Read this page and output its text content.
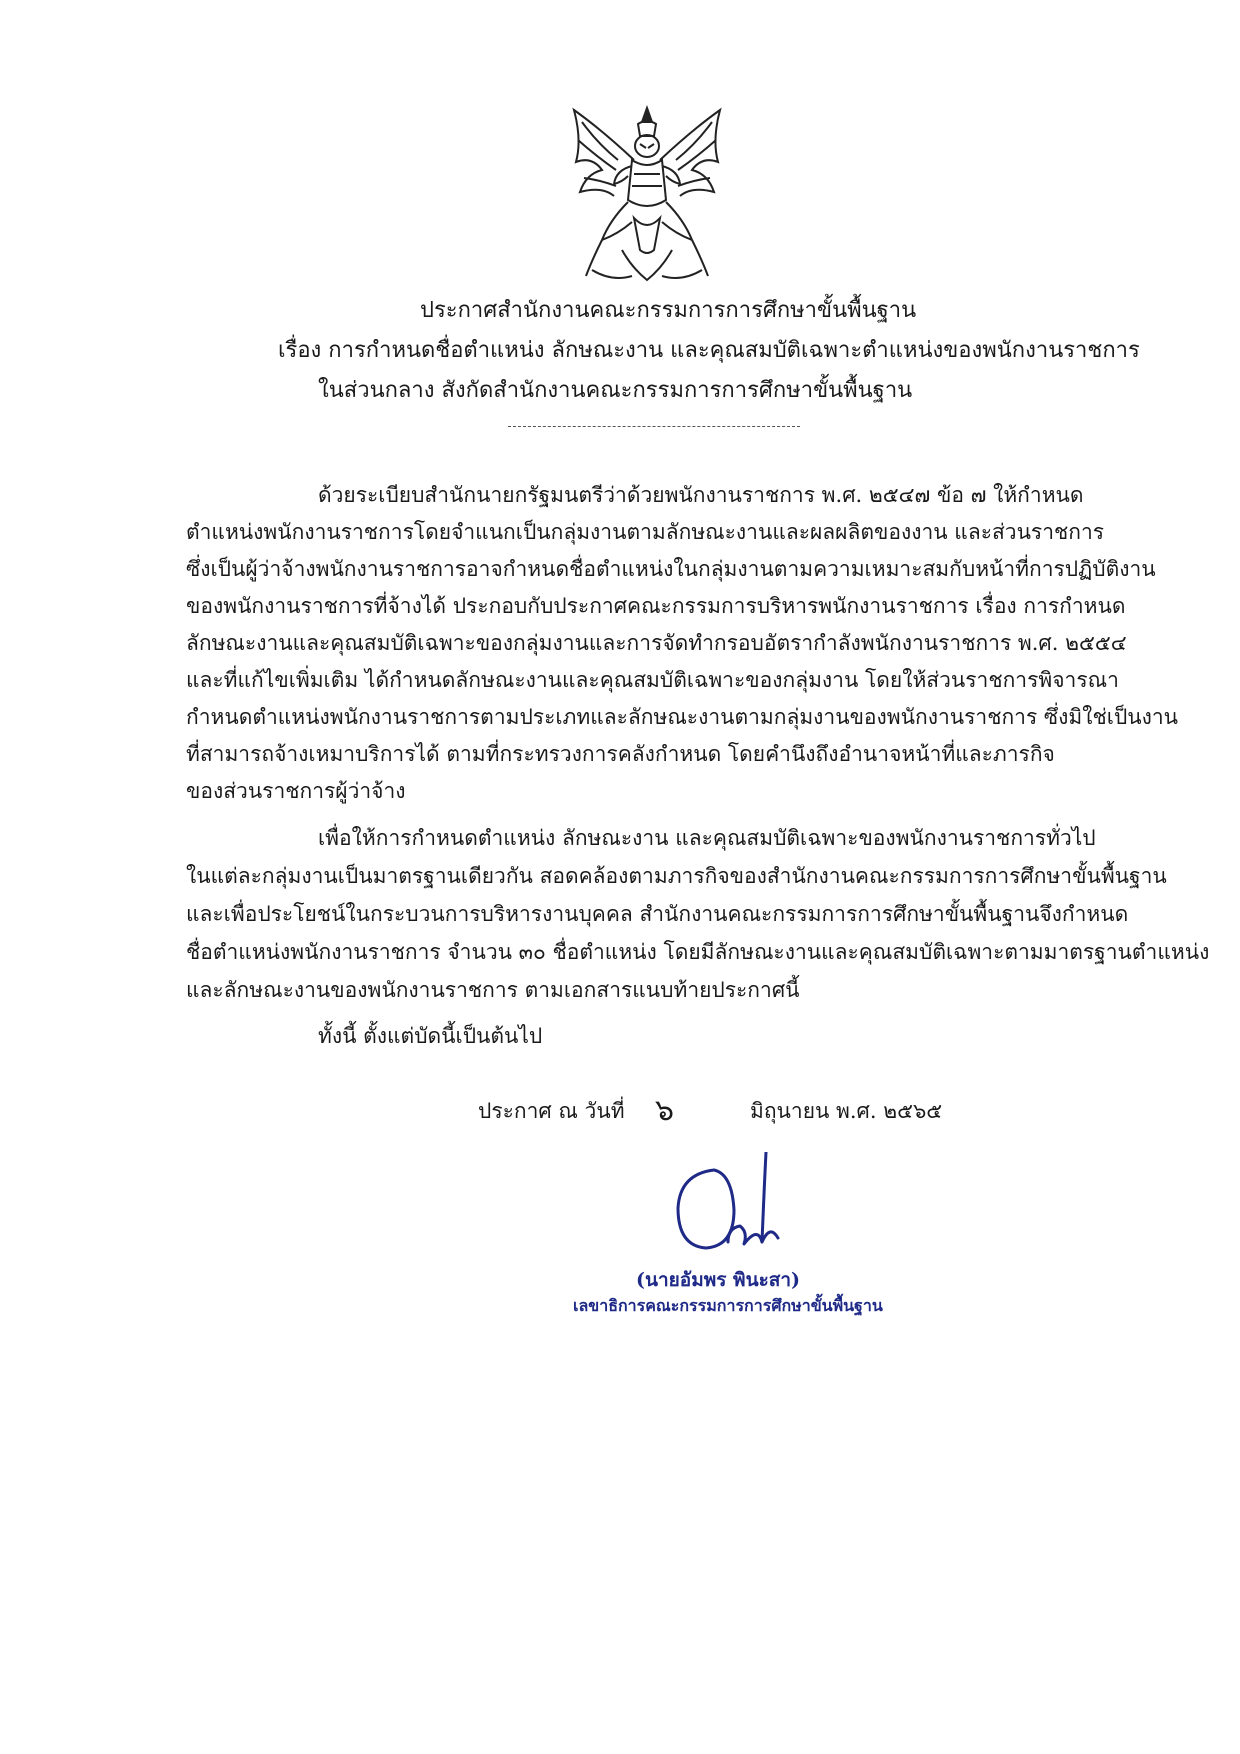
ประกาศสำนักงานคณะกรรมการการศึกษาขั้นพื้นฐาน
เรื่อง การกำหนดชื่อตำแหน่ง ลักษณะงาน และคุณสมบัติเฉพาะตำแหน่งของพนักงานราชการ
ในส่วนกลาง สังกัดสำนักงานคณะกรรมการการศึกษาขั้นพื้นฐาน
ด้วยระเบียบสำนักนายกรัฐมนตรีว่าด้วยพนักงานราชการ พ.ศ. ๒๕๔๗ ข้อ ๗ ให้กำหนด
ตำแหน่งพนักงานราชการโดยจำแนกเป็นกลุ่มงานตามลักษณะงานและผลผลิตของงาน และส่วนราชการ
ซึ่งเป็นผู้ว่าจ้างพนักงานราชการอาจกำหนดชื่อตำแหน่งในกลุ่มงานตามความเหมาะสมกับหน้าที่การปฏิบัติงาน
ของพนักงานราชการที่จ้างได้ ประกอบกับประกาศคณะกรรมการบริหารพนักงานราชการ เรื่อง การกำหนด
ลักษณะงานและคุณสมบัติเฉพาะของกลุ่มงานและการจัดทำกรอบอัตรากำลังพนักงานราชการ พ.ศ. ๒๕๕๔
และที่แก้ไขเพิ่มเติม ได้กำหนดลักษณะงานและคุณสมบัติเฉพาะของกลุ่มงาน โดยให้ส่วนราชการพิจารณา
กำหนดตำแหน่งพนักงานราชการตามประเภทและลักษณะงานตามกลุ่มงานของพนักงานราชการ ซึ่งมิใช่เป็นงาน
ที่สามารถจ้างเหมาบริการได้ ตามที่กระทรวงการคลังกำหนด โดยคำนึงถึงอำนาจหน้าที่และภารกิจ
ของส่วนราชการผู้ว่าจ้าง
เพื่อให้การกำหนดตำแหน่ง ลักษณะงาน และคุณสมบัติเฉพาะของพนักงานราชการทั่วไป
ในแต่ละกลุ่มงานเป็นมาตรฐานเดียวกัน สอดคล้องตามภารกิจของสำนักงานคณะกรรมการการศึกษาขั้นพื้นฐาน
และเพื่อประโยชน์ในกระบวนการบริหารงานบุคคล สำนักงานคณะกรรมการการศึกษาขั้นพื้นฐานจึงกำหนด
ชื่อตำแหน่งพนักงานราชการ จำนวน ๓๐ ชื่อตำแหน่ง โดยมีลักษณะงานและคุณสมบัติเฉพาะตามมาตรฐานตำแหน่ง
และลักษณะงานของพนักงานราชการ ตามเอกสารแนบท้ายประกาศนี้
ทั้งนี้ ตั้งแต่บัดนี้เป็นต้นไป
ประกาศ ณ วันที่ ๖	มิถุนายน พ.ศ. ๒๕๖๕
(นายอัมพร พินะสา)
เลขาธิการคณะกรรมการการศึกษาขั้นพื้นฐาน
